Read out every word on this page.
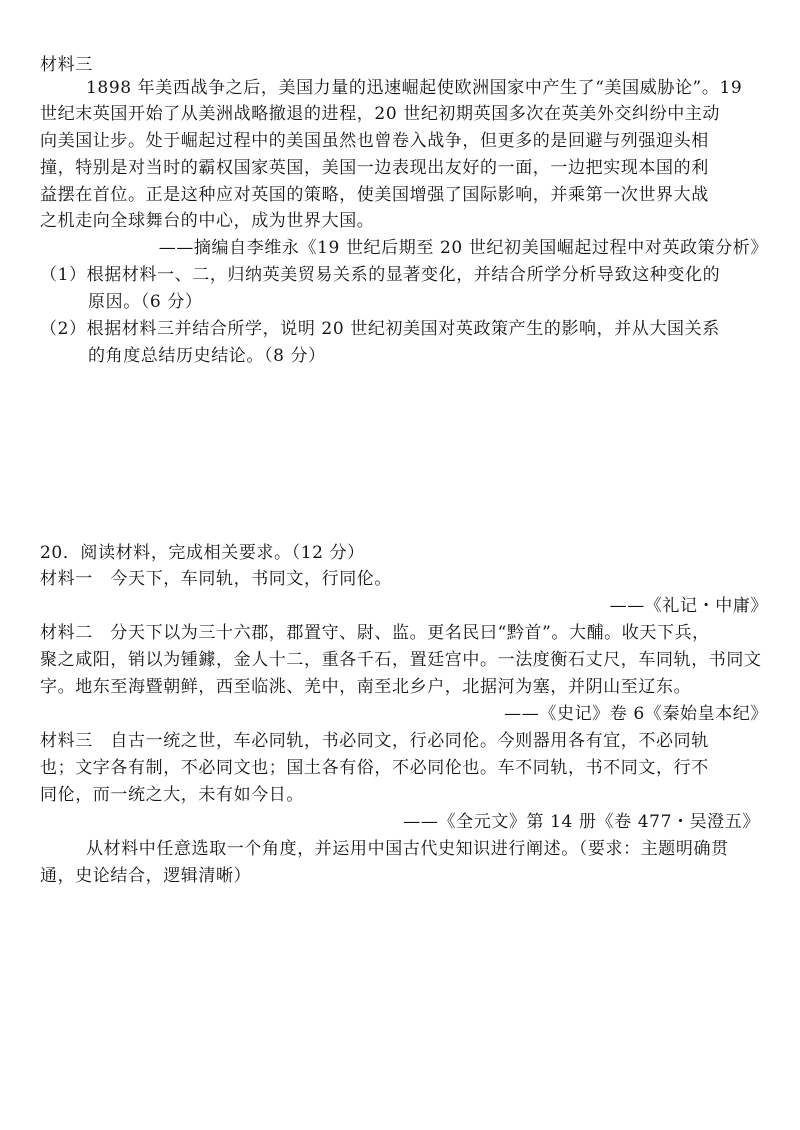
材料三
1898 年美西战争之后，美国力量的迅速崛起使欧洲国家中产生了“美国威胁论”。19
世纪末英国开始了从美洲战略撤退的进程，20 世纪初期英国多次在英美外交纠纷中主动
向美国让步。处于崛起过程中的美国虽然也曾卷入战争，但更多的是回避与列强迎头相
撞，特别是对当时的霸权国家英国，美国一边表现出友好的一面，一边把实现本国的利
益摆在首位。正是这种应对英国的策略，使美国增强了国际影响，并乘第一次世界大战
之机走向全球舞台的中心，成为世界大国。
——摘编自李维永《19 世纪后期至 20 世纪初美国崛起过程中对英政策分析》
（1）根据材料一、二，归纳英美贸易关系的显著变化，并结合所学分析导致这种变化的
原因。（6 分）
（2）根据材料三并结合所学，说明 20 世纪初美国对英政策产生的影响，并从大国关系
的角度总结历史结论。（8 分）
20．阅读材料，完成相关要求。（12 分）
材料一　今天下，车同轨，书同文，行同伦。
——《礼记・中庸》
材料二　分天下以为三十六郡，郡置守、尉、监。更名民曰“黔首”。大酺。收天下兵，
聚之咸阳，销以为锺鐻，金人十二，重各千石，置廷宫中。一法度衡石丈尺，车同轨，书同文
字。地东至海暨朝鲜，西至临洮、羌中，南至北乡户，北据河为塞，并阴山至辽东。
——《史记》卷 6《秦始皇本纪》
材料三　自古一统之世，车必同轨，书必同文，行必同伦。今则器用各有宜，不必同轨
也；文字各有制，不必同文也；国土各有俗，不必同伦也。车不同轨，书不同文，行不
同伦，而一统之大，未有如今日。
——《全元文》第 14 册《卷 477・吴澄五》
从材料中任意选取一个角度，并运用中国古代史知识进行阐述。（要求：主题明确贯
通，史论结合，逻辑清晰）
